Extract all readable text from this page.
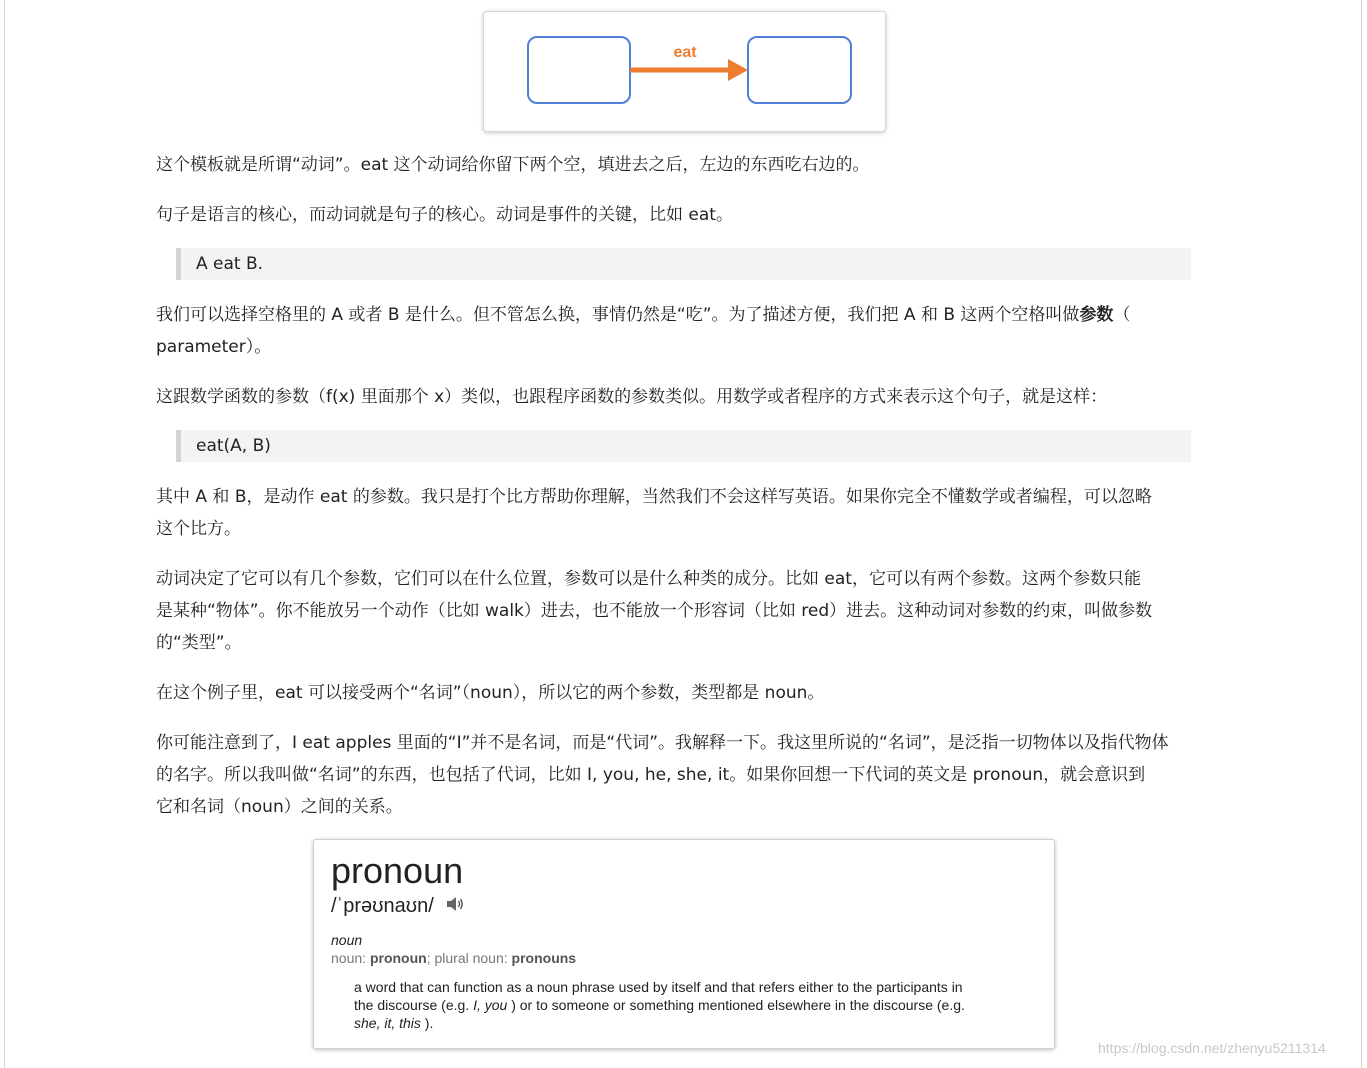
eat

这个模板就是所谓“动词”。eat 这个动词给你留下两个空，填进去之后，左边的东西吃右边的。

句子是语言的核心，而动词就是句子的核心。动词是事件的关键，比如 eat。

A eat B.

我们可以选择空格里的 A 或者 B 是什么。但不管怎么换，事情仍然是“吃”。为了描述方便，我们把 A 和 B 这两个空格叫做参数（

parameter）。

这跟数学函数的参数（f(x) 里面那个 x）类似，也跟程序函数的参数类似。用数学或者程序的方式来表示这个句子，就是这样：

eat(A, B)

其中 A 和 B，是动作 eat 的参数。我只是打个比方帮助你理解，当然我们不会这样写英语。如果你完全不懂数学或者编程，可以忽略

这个比方。

动词决定了它可以有几个参数，它们可以在什么位置，参数可以是什么种类的成分。比如 eat，它可以有两个参数。这两个参数只能

是某种“物体”。你不能放另一个动作（比如 walk）进去，也不能放一个形容词（比如 red）进去。这种动词对参数的约束，叫做参数

的“类型”。

在这个例子里，eat 可以接受两个“名词”（noun），所以它的两个参数，类型都是 noun。

你可能注意到了，I eat apples 里面的“I”并不是名词，而是“代词”。我解释一下。我这里所说的“名词”，是泛指一切物体以及指代物体

的名字。所以我叫做“名词”的东西，也包括了代词，比如 I, you, he, she, it。如果你回想一下代词的英文是 pronoun，就会意识到

它和名词（noun）之间的关系。

pronoun
/ˈprəʊnaʊn/
noun
noun: pronoun; plural noun: pronouns
a word that can function as a noun phrase used by itself and that refers either to the participants in
the discourse (e.g. I, you ) or to someone or something mentioned elsewhere in the discourse (e.g.
she, it, this ).
https://blog.csdn.net/zhenyu5211314
